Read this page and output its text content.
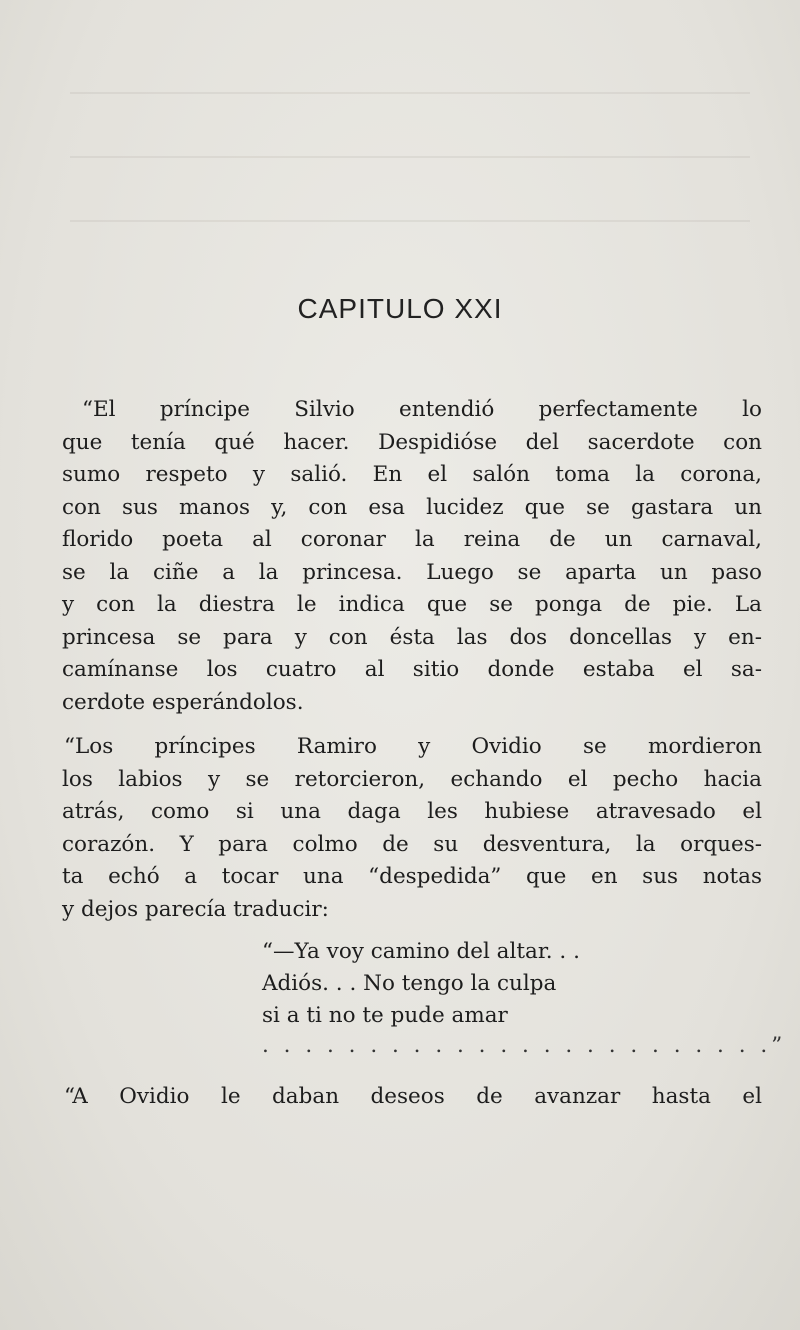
CAPITULO XXI

“El príncipe Silvio entendió perfectamente lo
que tenía qué hacer. Despidióse del sacerdote con
sumo respeto y salió. En el salón toma la corona,
con sus manos y, con esa lucidez que se gastara un
florido poeta al coronar la reina de un carnaval,
se la ciñe a la princesa. Luego se aparta un paso
y con la diestra le indica que se ponga de pie. La
princesa se para y con ésta las dos doncellas y en-
camínanse los cuatro al sitio donde estaba el sa-
cerdote esperándolos.

“Los príncipes Ramiro y Ovidio se mordieron
los labios y se retorcieron, echando el pecho hacia
atrás, como si una daga les hubiese atravesado el
corazón. Y para colmo de su desventura, la orques-
ta echó a tocar una “despedida” que en sus notas
y dejos parecía traducir:

“—Ya voy camino del altar. . .
Adiós. . . No tengo la culpa
si a ti no te pude amar
. . . . . . . . . . . . . . . . . . . . . . . .”

“A Ovidio le daban deseos de avanzar hasta el
